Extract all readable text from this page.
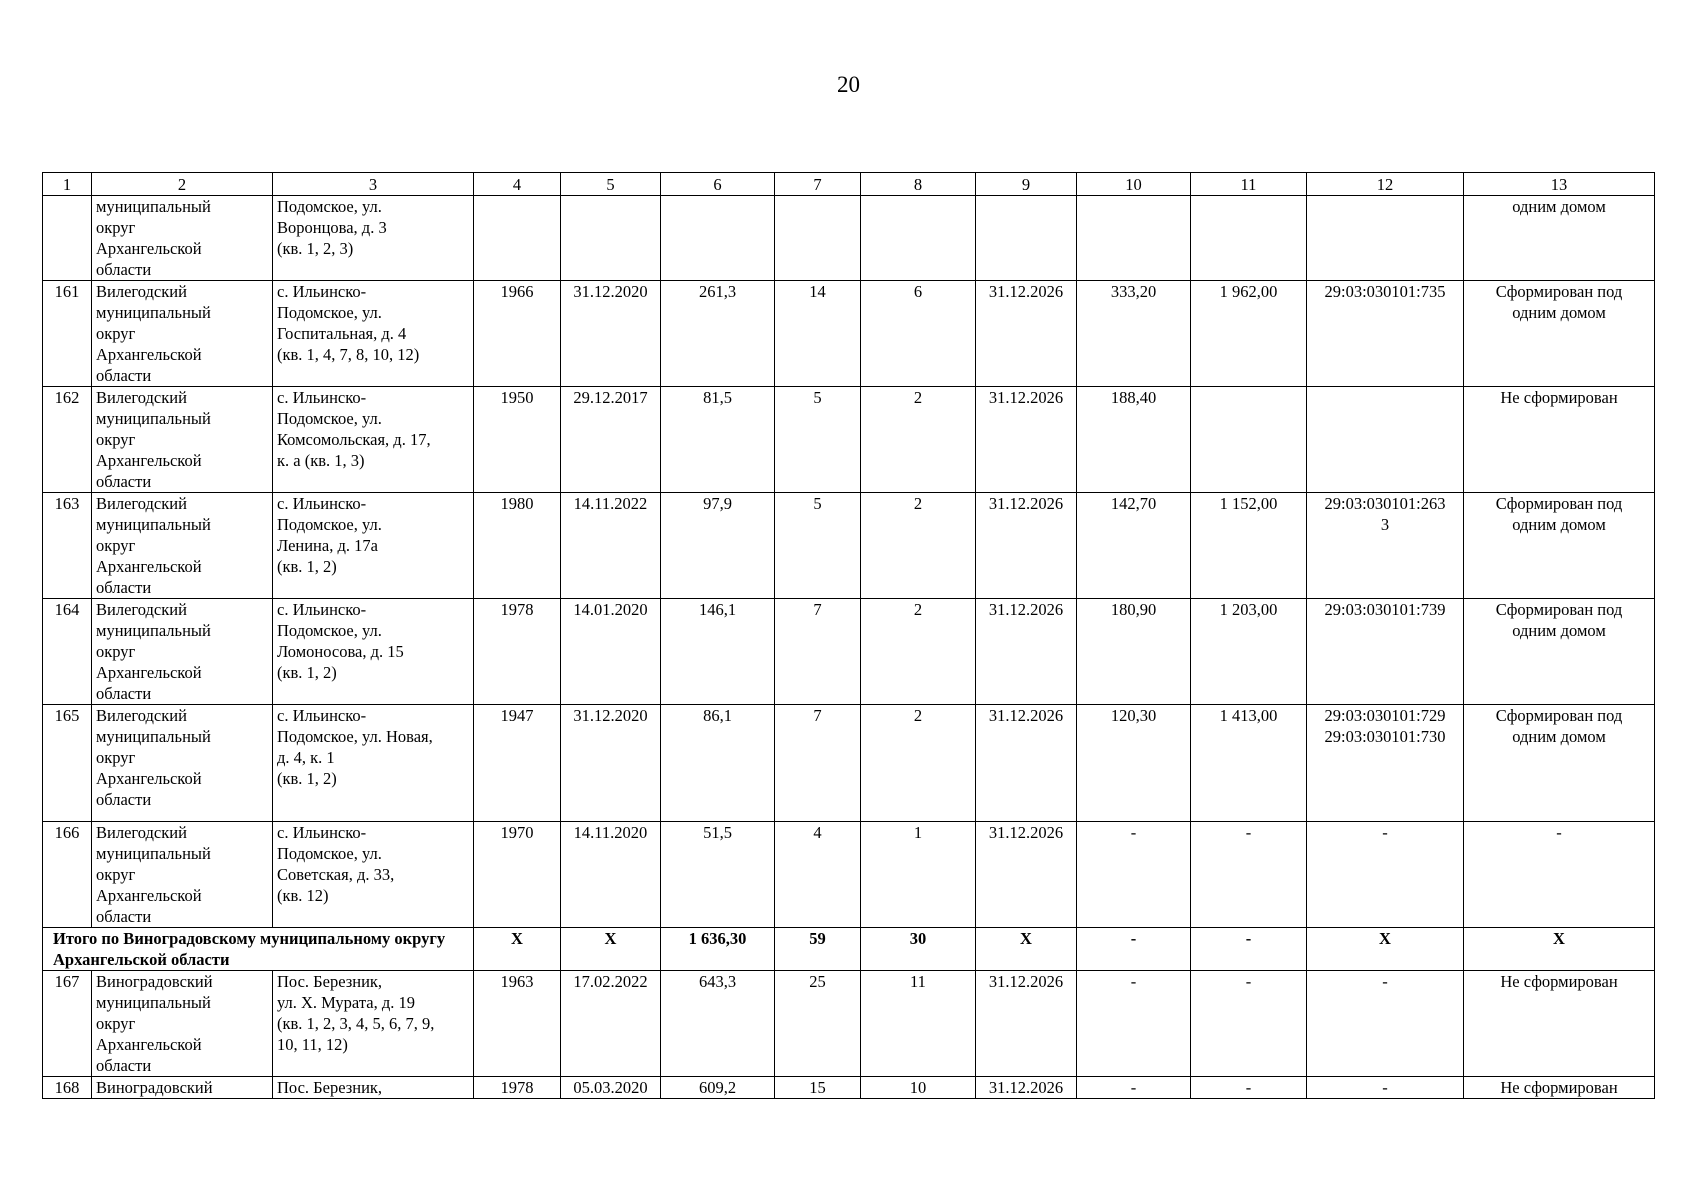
20
1	2	3	4	5	6	7	8	9	10	11	12	13

	муниципальный
округ
Архангельской
области	Подомское, ул.
Воронцова, д. 3
(кв. 1, 2, 3)										одним домом

161	Вилегодский
муниципальный
округ
Архангельской
области	с. Ильинско-
Подомское, ул.
Госпитальная, д. 4
(кв. 1, 4, 7, 8, 10, 12)	1966	31.12.2020	261,3	14	6	31.12.2026	333,20	1 962,00	29:03:030101:735	Сформирован под
одним домом

162	Вилегодский
муниципальный
округ
Архангельской
области	с. Ильинско-
Подомское, ул.
Комсомольская, д. 17,
к. а (кв. 1, 3)	1950	29.12.2017	81,5	5	2	31.12.2026	188,40			Не сформирован

163	Вилегодский
муниципальный
округ
Архангельской
области	с. Ильинско-
Подомское, ул.
Ленина, д. 17а
(кв. 1, 2)	1980	14.11.2022	97,9	5	2	31.12.2026	142,70	1 152,00	29:03:030101:263
3	Сформирован под
одним домом

164	Вилегодский
муниципальный
округ
Архангельской
области	с. Ильинско-
Подомское, ул.
Ломоносова, д. 15
(кв. 1, 2)	1978	14.01.2020	146,1	7	2	31.12.2026	180,90	1 203,00	29:03:030101:739	Сформирован под
одним домом

165	Вилегодский
муниципальный
округ
Архангельской
области	с. Ильинско-
Подомское, ул. Новая,
д. 4, к. 1
(кв. 1, 2)	1947	31.12.2020	86,1	7	2	31.12.2026	120,30	1 413,00	29:03:030101:729
29:03:030101:730	Сформирован под
одним домом

166	Вилегодский
муниципальный
округ
Архангельской
области	с. Ильинско-
Подомское, ул.
Советская, д. 33,
(кв. 12)	1970	14.11.2020	51,5	4	1	31.12.2026	-	-	-	-

Итого по Виноградовскому муниципальному округу Архангельской области			X	X	1 636,30	59	30	X	-	-	X	X

167	Виноградовский
муниципальный
округ
Архангельской
области	Пос. Березник,
ул. Х. Мурата, д. 19
(кв. 1, 2, 3, 4, 5, 6, 7, 9,
10, 11, 12)	1963	17.02.2022	643,3	25	11	31.12.2026	-	-	-	Не сформирован

168	Виноградовский	Пос. Березник,	1978	05.03.2020	609,2	15	10	31.12.2026	-	-	-	Не сформирован
